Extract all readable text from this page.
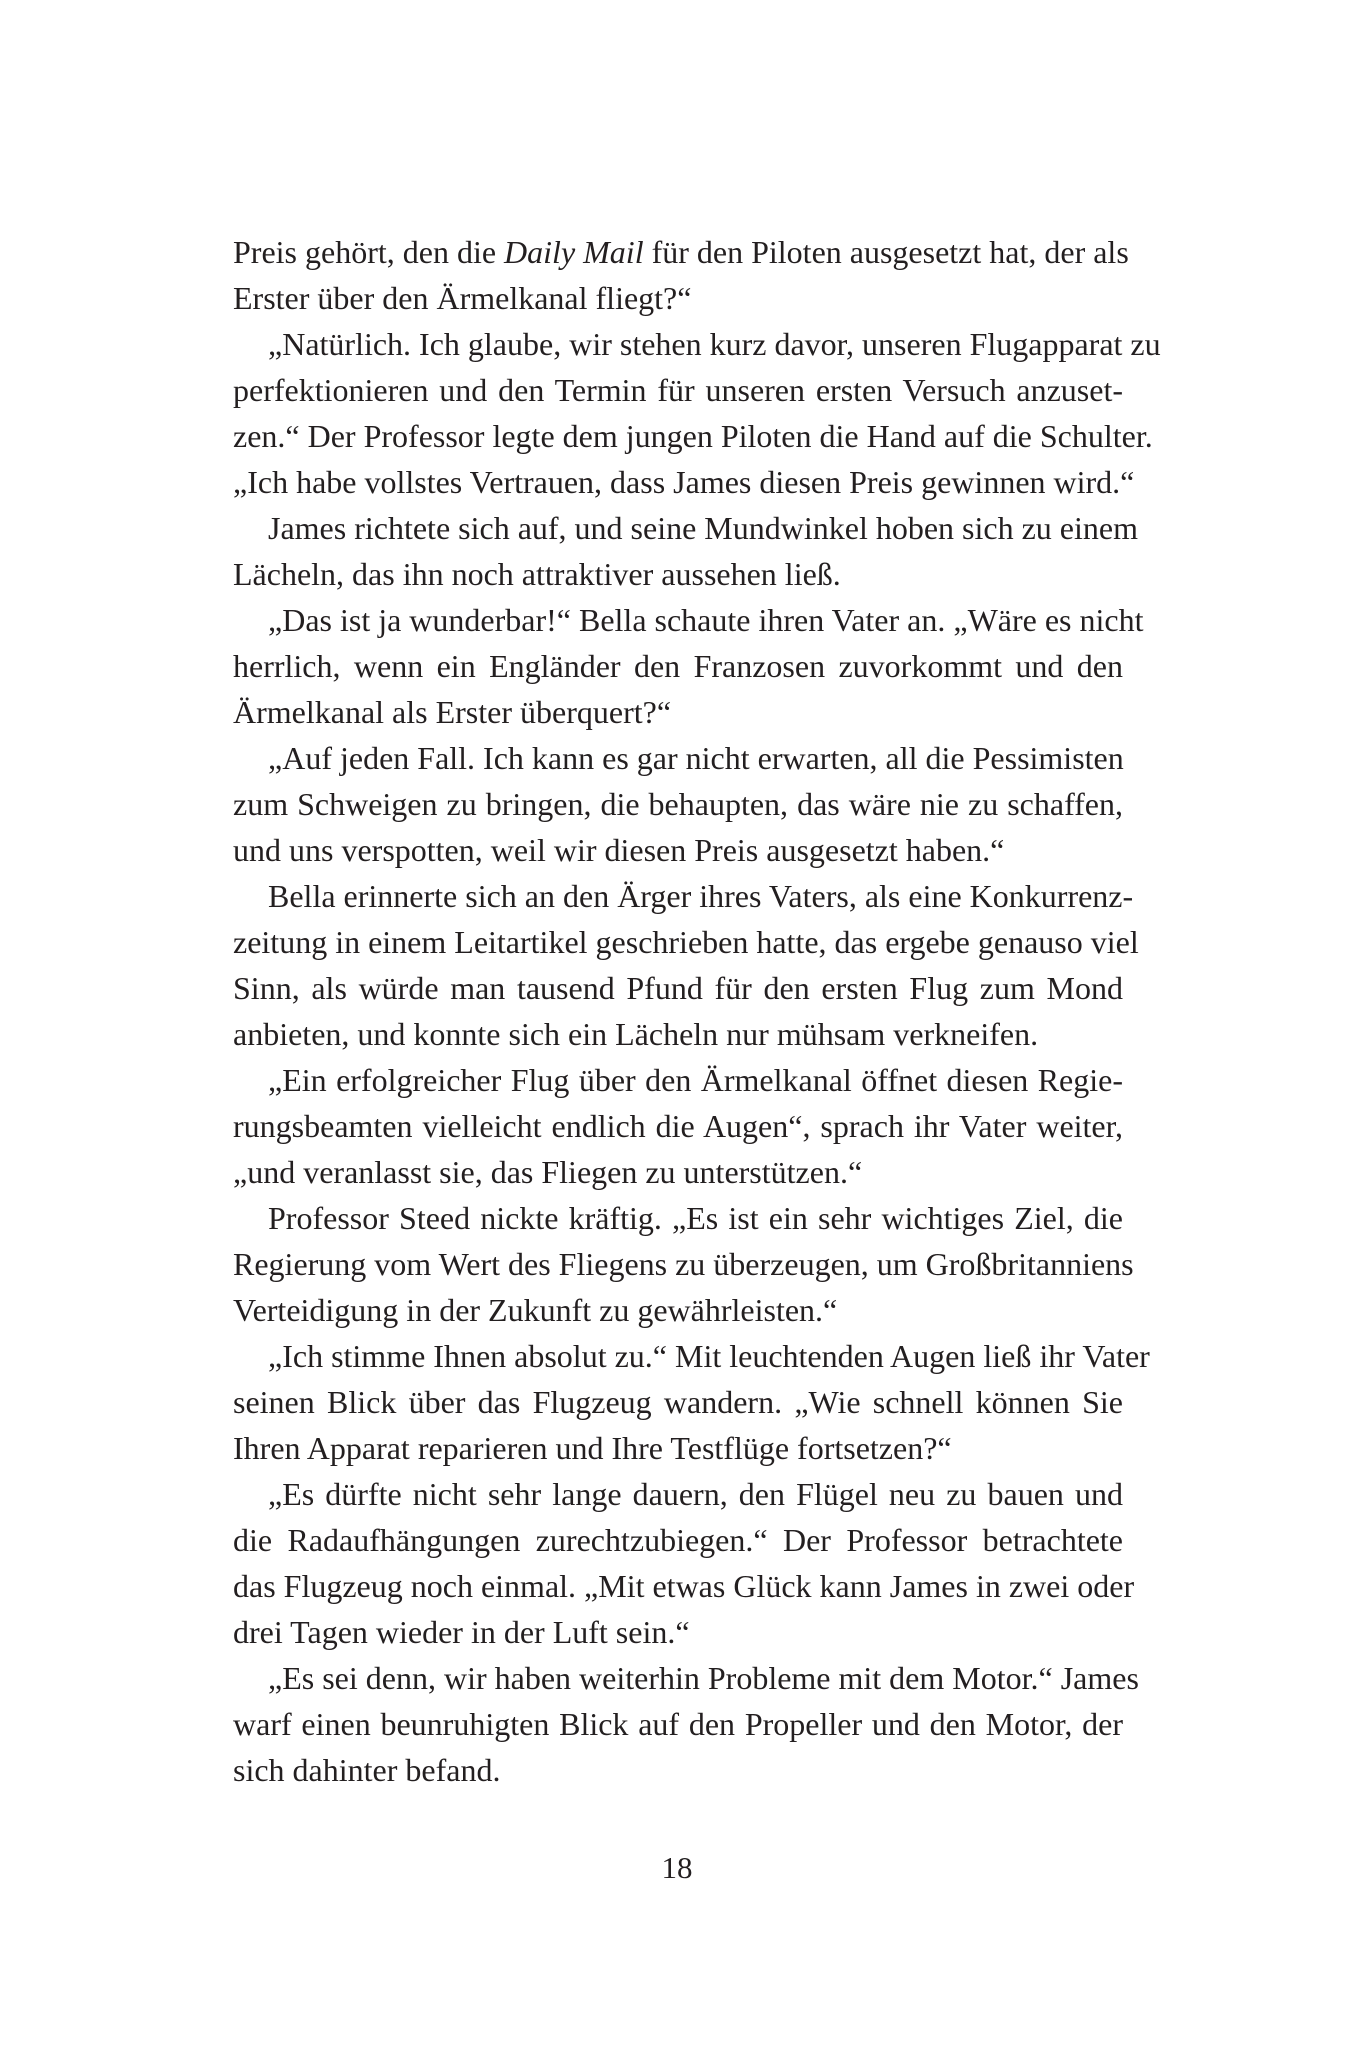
Preis gehört, den die Daily Mail für den Piloten ausgesetzt hat, der als
Erster über den Ärmelkanal fliegt?“
„Natürlich. Ich glaube, wir stehen kurz davor, unseren Flugapparat zu
perfektionieren und den Termin für unseren ersten Versuch anzuset-
zen.“ Der Professor legte dem jungen Piloten die Hand auf die Schulter.
„Ich habe vollstes Vertrauen, dass James diesen Preis gewinnen wird.“
James richtete sich auf, und seine Mundwinkel hoben sich zu einem
Lächeln, das ihn noch attraktiver aussehen ließ.
„Das ist ja wunderbar!“ Bella schaute ihren Vater an. „Wäre es nicht
herrlich, wenn ein Engländer den Franzosen zuvorkommt und den
Ärmelkanal als Erster überquert?“
„Auf jeden Fall. Ich kann es gar nicht erwarten, all die Pessimisten
zum Schweigen zu bringen, die behaupten, das wäre nie zu schaffen,
und uns verspotten, weil wir diesen Preis ausgesetzt haben.“
Bella erinnerte sich an den Ärger ihres Vaters, als eine Konkurrenz-
zeitung in einem Leitartikel geschrieben hatte, das ergebe genauso viel
Sinn, als würde man tausend Pfund für den ersten Flug zum Mond
anbieten, und konnte sich ein Lächeln nur mühsam verkneifen.
„Ein erfolgreicher Flug über den Ärmelkanal öffnet diesen Regie-
rungsbeamten vielleicht endlich die Augen“, sprach ihr Vater weiter,
„und veranlasst sie, das Fliegen zu unterstützen.“
Professor Steed nickte kräftig. „Es ist ein sehr wichtiges Ziel, die
Regierung vom Wert des Fliegens zu überzeugen, um Großbritanniens
Verteidigung in der Zukunft zu gewährleisten.“
„Ich stimme Ihnen absolut zu.“ Mit leuchtenden Augen ließ ihr Vater
seinen Blick über das Flugzeug wandern. „Wie schnell können Sie
Ihren Apparat reparieren und Ihre Testflüge fortsetzen?“
„Es dürfte nicht sehr lange dauern, den Flügel neu zu bauen und
die Radaufhängungen zurechtzubiegen.“ Der Professor betrachtete
das Flugzeug noch einmal. „Mit etwas Glück kann James in zwei oder
drei Tagen wieder in der Luft sein.“
„Es sei denn, wir haben weiterhin Probleme mit dem Motor.“ James
warf einen beunruhigten Blick auf den Propeller und den Motor, der
sich dahinter befand.
18
